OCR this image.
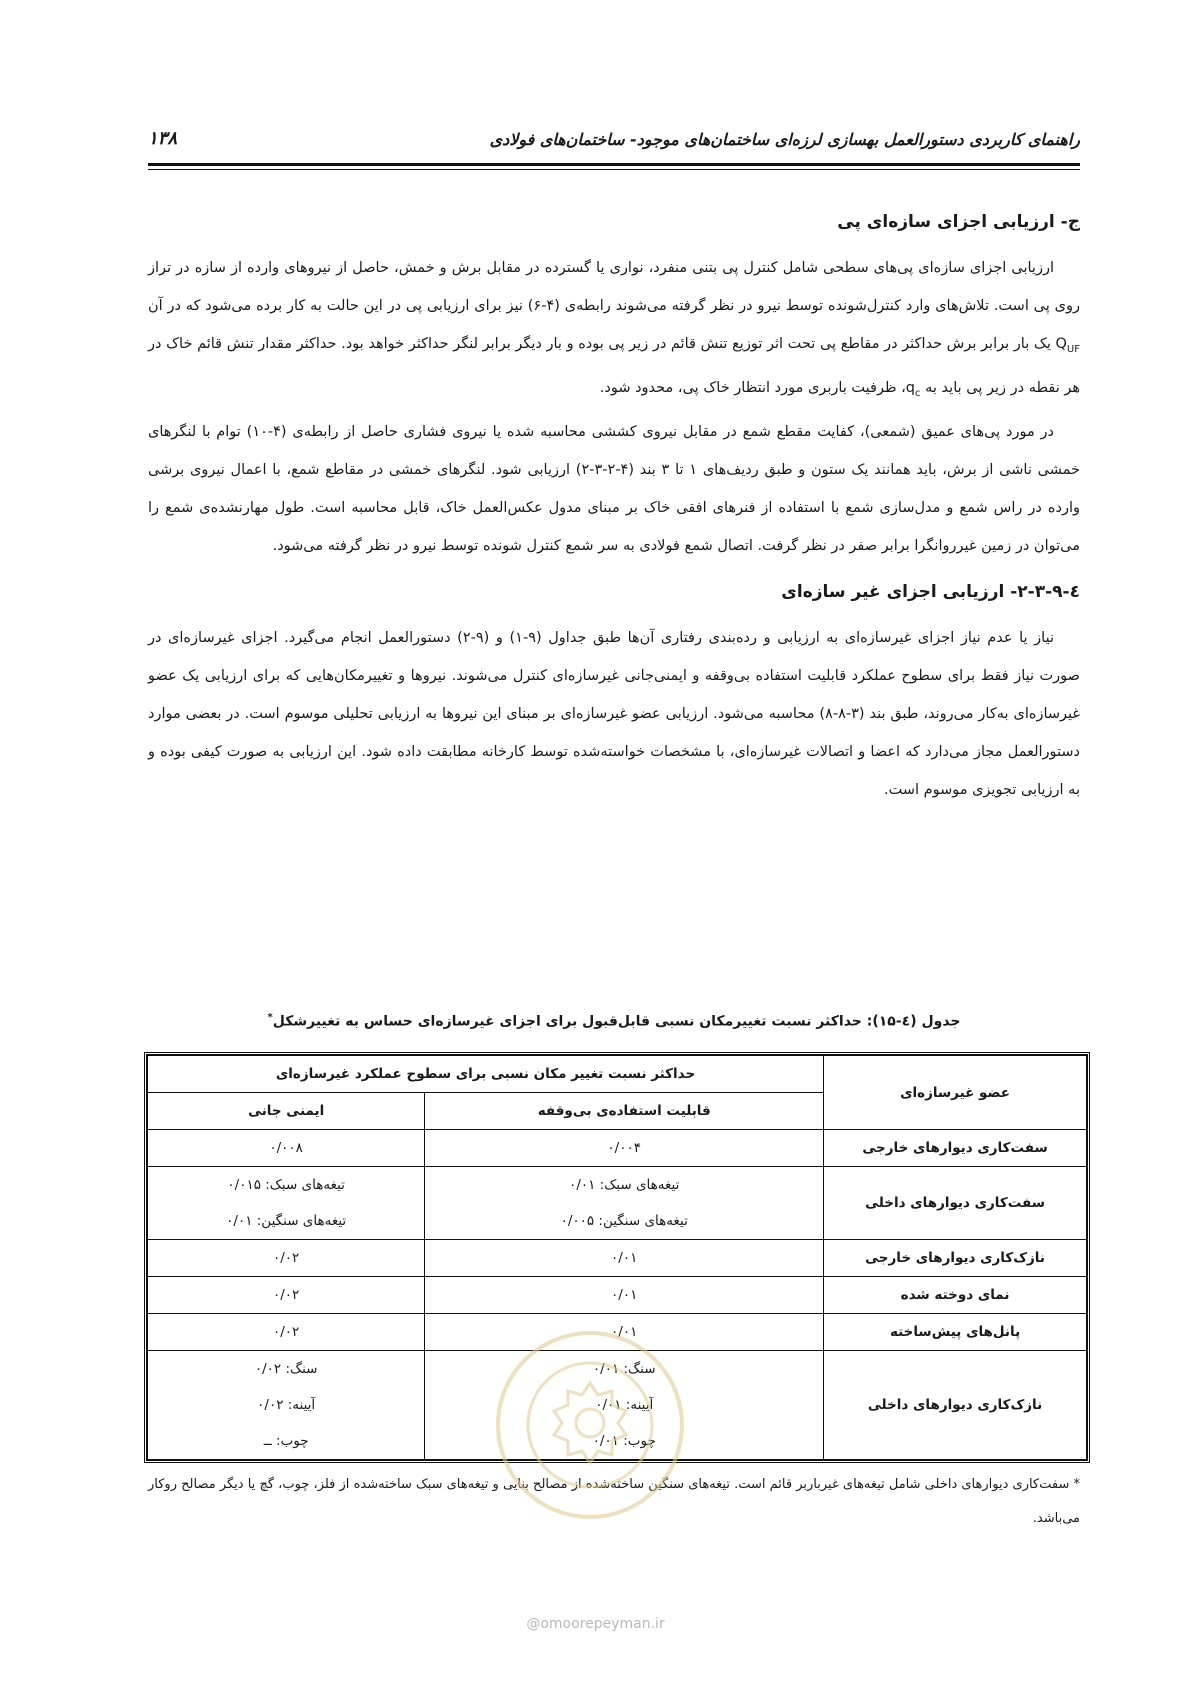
راهنمای کاربردی دستورالعمل بهسازی لرزه‌ای ساختمان‌های موجود- ساختمان‌های فولادی
۱۳۸
ج- ارزیابی اجزای سازه‌ای پی

ارزیابی اجزای سازه‌ای پی‌های سطحی شامل کنترل پی بتنی منفرد، نواری یا گسترده در مقابل برش و خمش، حاصل از نیروهای وارده از سازه در تراز روی پی است. تلاش‌های وارد کنترل‌شونده توسط نیرو در نظر گرفته می‌شوند رابطه‌ی (۴-۶) نیز برای ارزیابی پی در این حالت به کار برده می‌شود که در آن $Q_{UF}$ یک بار برابر برش حداکثر در مقاطع پی تحت اثر توزیع تنش قائم در زیر پی بوده و بار دیگر برابر لنگر حداکثر خواهد بود. حداکثر مقدار تنش قائم خاک در هر نقطه در زیر پی باید به $q_c،$ ظرفیت باربری مورد انتظار خاک پی، محدود شود.

در مورد پی‌های عمیق (شمعی)، کفایت مقطع شمع در مقابل نیروی کششی محاسبه شده یا نیروی فشاری حاصل از رابطه‌ی (۴-۱۰) توام با لنگرهای خمشی ناشی از برش، باید همانند یک ستون و طبق ردیف‌های ۱ تا ۳ بند (۴-۲-۳-۲) ارزیابی شود. لنگرهای خمشی در مقاطع شمع، با اعمال نیروی برشی وارده در راس شمع و مدل‌سازی شمع با استفاده از فنرهای افقی خاک بر مبنای مدول عکس‌العمل خاک، قابل محاسبه است. طول مهارنشده‌ی شمع را می‌توان در زمین غیرروانگرا برابر صفر در نظر گرفت. اتصال شمع فولادی به سر شمع کنترل شونده توسط نیرو در نظر گرفته می‌شود.

٤-۲-۳-۹- ارزیابی اجزای غیر سازه‌ای

نیاز یا عدم نیاز اجزای غیرسازه‌ای به ارزیابی و رده‌بندی رفتاری آن‌ها طبق جداول (۹-۱) و (۹-۲) دستورالعمل انجام می‌گیرد. اجزای غیرسازه‌ای در صورت نیاز فقط برای سطوح عملکرد قابلیت استفاده بی‌وقفه و ایمنی‌جانی غیرسازه‌ای کنترل می‌شوند. نیروها و تغییرمکان‌هایی که برای ارزیابی یک عضو غیرسازه‌ای به‌کار می‌روند، طبق بند (۳-۸-۸) محاسبه می‌شود. ارزیابی عضو غیرسازه‌ای بر مبنای این نیروها به ارزیابی تحلیلی موسوم است. در بعضی موارد دستورالعمل مجاز می‌دارد که اعضا و اتصالات غیرسازه‌ای، با مشخصات خواسته‌شده توسط کارخانه مطابقت داده شود. این ارزیابی به صورت کیفی بوده و به ارزیابی تجویزی موسوم است.

جدول (٤-۱۵): حداکثر نسبت تغییرمکان نسبی قابل‌قبول برای اجزای غیرسازه‌ای حساس به تغییرشکل*
عضو غیرسازه‌ای	حداکثر نسبت تغییر مکان نسبی برای سطوح عملکرد غیرسازه‌ای	
	قابلیت استفاده‌ی بی‌وقفه	ایمنی جانی
سفت‌کاری دیوارهای خارجی	۰/۰۰۴	۰/۰۰۸

سفت‌کاری دیوارهای داخلی	تیغه‌های سبک: ۰/۰۱
تیغه‌های سنگین: ۰/۰۰۵	تیغه‌های سبک: ۰/۰۱۵
تیغه‌های سنگین: ۰/۰۱

نازک‌کاری دیوارهای خارجی	۰/۰۱	۰/۰۲

نمای دوخته شده	۰/۰۱	۰/۰۲

پانل‌های پیش‌ساخته	۰/۰۱	۰/۰۲

نازک‌کاری دیوارهای داخلی	سنگ: ۰/۰۱
آیینه: ۰/۰۱
چوب: ۰/۰۱	سنگ: ۰/۰۲
آیینه: ۰/۰۲
چوب: ــ
* سفت‌کاری دیوارهای داخلی شامل تیغه‌های غیرباربر قائم است. تیغه‌های سنگین ساخته‌شده از مصالح بنایی و تیغه‌های سبک ساخته‌شده از فلز، چوب، گچ یا دیگر مصالح روکار می‌باشد.
@omoorepeyman.ir
